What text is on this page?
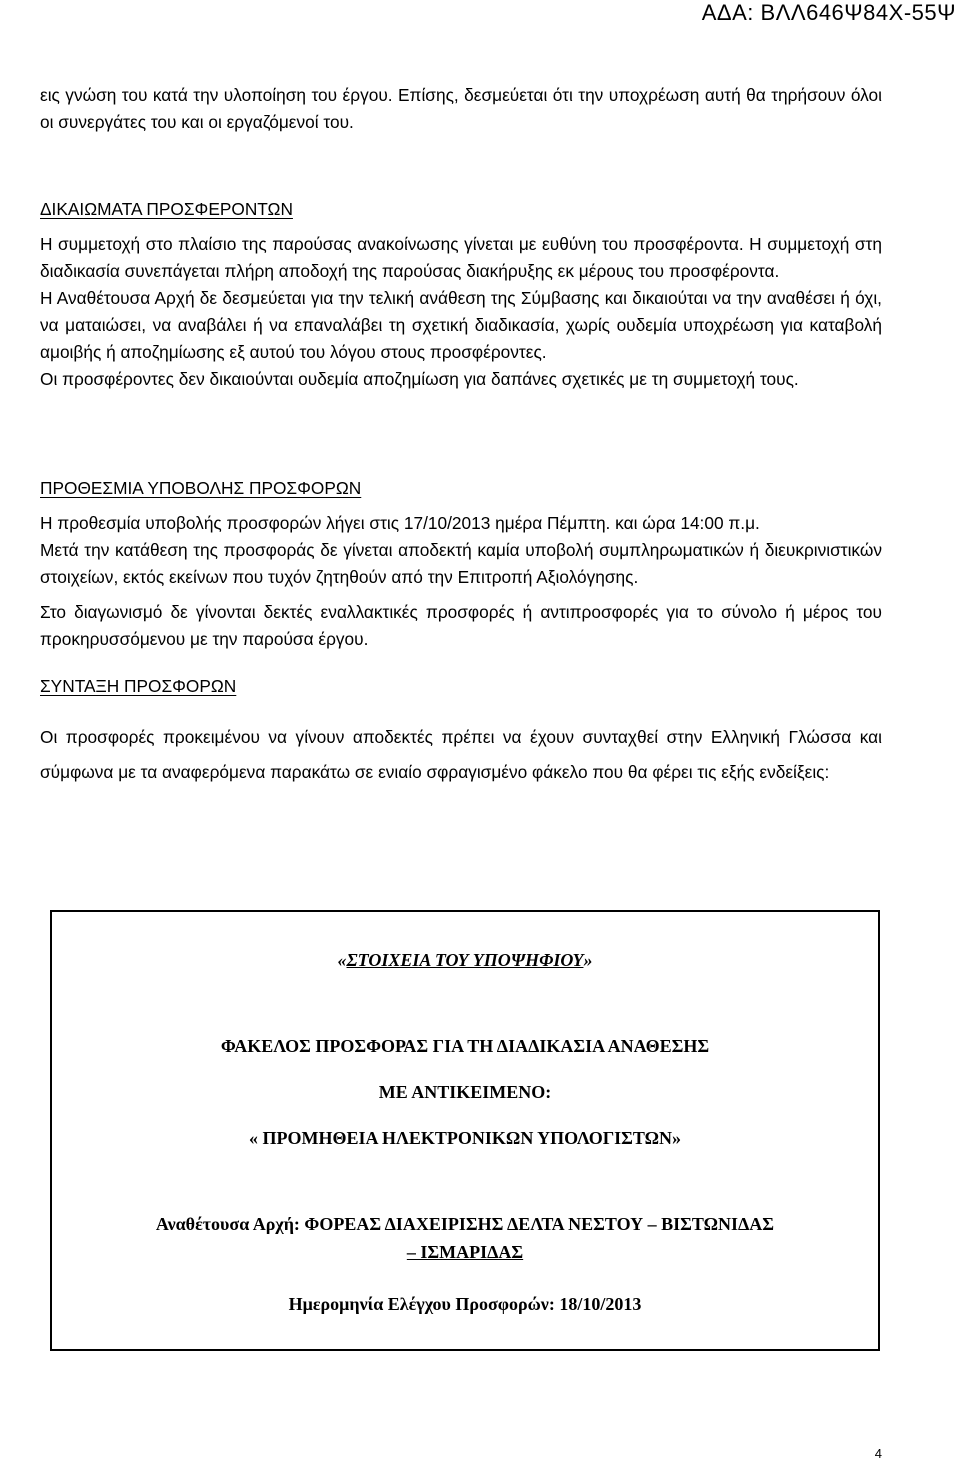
ΑΔΑ: ΒΛΛ646Ψ84Χ-55Ψ

εις γνώση του κατά την υλοποίηση του έργου. Επίσης, δεσμεύεται ότι την υποχρέωση αυτή θα τηρήσουν όλοι οι συνεργάτες του και οι εργαζόμενοί του.

ΔΙΚΑΙΩΜΑΤΑ ΠΡΟΣΦΕΡΟΝΤΩΝ

Η συμμετοχή στο πλαίσιο της παρούσας ανακοίνωσης γίνεται με ευθύνη του προσφέροντα. Η συμμετοχή στη διαδικασία συνεπάγεται πλήρη αποδοχή της παρούσας διακήρυξης εκ μέρους του προσφέροντα.

Η Αναθέτουσα Αρχή δε δεσμεύεται για την τελική ανάθεση της Σύμβασης και δικαιούται να την αναθέσει ή όχι, να ματαιώσει, να αναβάλει ή να επαναλάβει τη σχετική διαδικασία, χωρίς ουδεμία υποχρέωση για καταβολή αμοιβής ή αποζημίωσης εξ αυτού του λόγου στους προσφέροντες.

Οι προσφέροντες δεν δικαιούνται ουδεμία αποζημίωση για δαπάνες σχετικές με τη συμμετοχή τους.

ΠΡΟΘΕΣΜΙΑ ΥΠΟΒΟΛΗΣ ΠΡΟΣΦΟΡΩΝ

Η προθεσμία υποβολής προσφορών λήγει στις 17/10/2013 ημέρα Πέμπτη. και ώρα 14:00 π.μ.

Μετά την κατάθεση της προσφοράς δε γίνεται αποδεκτή καμία υποβολή συμπληρωματικών ή διευκρινιστικών στοιχείων, εκτός εκείνων που τυχόν ζητηθούν από την Επιτροπή Αξιολόγησης.

Στο διαγωνισμό δε γίνονται δεκτές εναλλακτικές προσφορές ή αντιπροσφορές για το σύνολο ή μέρος του προκηρυσσόμενου με την παρούσα έργου.

ΣΥΝΤΑΞΗ ΠΡΟΣΦΟΡΩΝ

Οι προσφορές προκειμένου να γίνουν αποδεκτές πρέπει να έχουν συνταχθεί στην Ελληνική Γλώσσα και σύμφωνα με τα αναφερόμενα παρακάτω σε ενιαίο σφραγισμένο φάκελο που θα φέρει τις εξής ενδείξεις:

«ΣΤΟΙΧΕΙΑ ΤΟΥ ΥΠΟΨΗΦΙΟΥ»
ΦΑΚΕΛΟΣ ΠΡΟΣΦΟΡΑΣ ΓΙΑ ΤΗ ΔΙΑΔΙΚΑΣΙΑ ΑΝΑΘΕΣΗΣ
ΜΕ ΑΝΤΙΚΕΙΜΕΝΟ:
« ΠΡΟΜΗΘΕΙΑ ΗΛΕΚΤΡΟΝΙΚΩΝ ΥΠΟΛΟΓΙΣΤΩΝ»
Αναθέτουσα Αρχή: ΦΟΡΕΑΣ ΔΙΑΧΕΙΡΙΣΗΣ ΔΕΛΤΑ ΝΕΣΤΟΥ – ΒΙΣΤΩΝΙΔΑΣ
– ΙΣΜΑΡΙΔΑΣ
Ημερομηνία Ελέγχου Προσφορών: 18/10/2013
4
